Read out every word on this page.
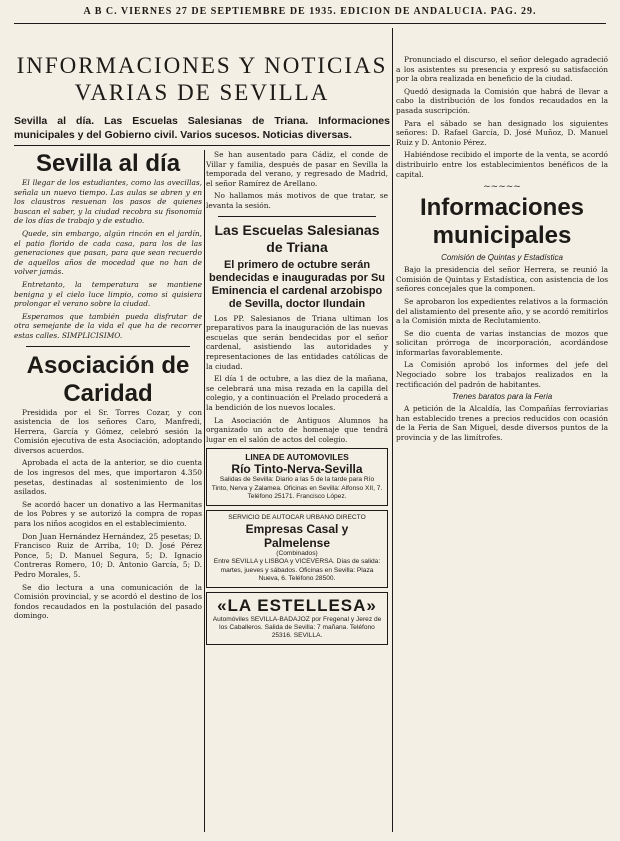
A B C. VIERNES 27 DE SEPTIEMBRE DE 1935. EDICION DE ANDALUCIA. PAG. 29.
INFORMACIONES Y NOTICIAS
VARIAS DE SEVILLA
Sevilla al día. Las Escuelas Salesianas de Triana. Informaciones municipales y del Gobierno civil. Varios sucesos. Noticias diversas.
Sevilla al día

El llegar de los estudiantes, como las avecillas, señala un nuevo tiempo. Las aulas se abren y en los claustros resuenan los pasos de quienes buscan el saber, y la ciudad recobra su fisonomía de los días de trabajo y de estudio.

Quede, sin embargo, algún rincón en el jardín, el patio florido de cada casa, para los de las generaciones que pasan, para que sean recuerdo de aquellos años de mocedad que no han de volver jamás.

Entretanto, la temperatura se mantiene benigna y el cielo luce limpio, como si quisiera prolongar el verano sobre la ciudad.

Esperamos que también pueda disfrutar de otra semejante de la vida el que ha de recorrer estas calles. SIMPLICISIMO.

Asociación de Caridad

Presidida por el Sr. Torres Cozar, y con asistencia de los señores Caro, Manfredi, Herrera, García y Gómez, celebró sesión la Comisión ejecutiva de esta Asociación, adoptando diversos acuerdos.

Aprobada el acta de la anterior, se dio cuenta de los ingresos del mes, que importaron 4.350 pesetas, destinadas al sostenimiento de los asilados.

Se acordó hacer un donativo a las Hermanitas de los Pobres y se autorizó la compra de ropas para los niños acogidos en el establecimiento.

Don Juan Hernández Hernández, 25 pesetas; D. Francisco Ruiz de Arriba, 10; D. José Pérez Ponce, 5; D. Manuel Segura, 5; D. Ignacio Contreras Romero, 10; D. Antonio García, 5; D. Pedro Morales, 5.

Se dio lectura a una comunicación de la Comisión provincial, y se acordó el destino de los fondos recaudados en la postulación del pasado domingo.

Se han ausentado para Cádiz, el conde de Villar y familia, después de pasar en Sevilla la temporada del verano, y regresado de Madrid, el señor Ramírez de Arellano.

No hallamos más motivos de que tratar, se levanta la sesión.

Las Escuelas Salesianas de Triana
El primero de octubre serán bendecidas e inauguradas por Su Eminencia el cardenal arzobispo de Sevilla, doctor Ilundain

Los PP. Salesianos de Triana ultiman los preparativos para la inauguración de las nuevas escuelas que serán bendecidas por el señor cardenal, asistiendo las autoridades y representaciones de las entidades católicas de la ciudad.

El día 1 de octubre, a las diez de la mañana, se celebrará una misa rezada en la capilla del colegio, y a continuación el Prelado procederá a la bendición de los nuevos locales.

La Asociación de Antiguos Alumnos ha organizado un acto de homenaje que tendrá lugar en el salón de actos del colegio.

LINEA DE AUTOMOVILES
Río Tinto-Nerva-Sevilla
Salidas de Sevilla: Diario a las 5 de la tarde para Río Tinto, Nerva y Zalamea. Oficinas en Sevilla: Alfonso XII, 7.
Teléfono 25171. Francisco López.
SERVICIO DE AUTOCAR URBANO DIRECTO
Empresas Casal y Palmelense
(Combinados)
Entre SEVILLA y LISBOA y VICEVERSA. Días de salida: martes, jueves y sábados. Oficinas en Sevilla: Plaza Nueva, 6. Teléfono 28500.
«LA ESTELLESA»
Automóviles SEVILLA-BADAJOZ por Fregenal y Jerez de los Caballeros. Salida de Sevilla: 7 mañana. Teléfono 25316. SEVILLA.

Pronunciado el discurso, el señor delegado agradeció a los asistentes su presencia y expresó su satisfacción por la obra realizada en beneficio de la ciudad.

Quedó designada la Comisión que habrá de llevar a cabo la distribución de los fondos recaudados en la pasada suscripción.

Para el sábado se han designado los siguientes señores: D. Rafael García, D. José Muñoz, D. Manuel Ruiz y D. Antonio Pérez.

Habiéndose recibido el importe de la venta, se acordó distribuirlo entre los establecimientos benéficos de la capital.

~~~~~
Informaciones municipales
Comisión de Quintas y Estadística

Bajo la presidencia del señor Herrera, se reunió la Comisión de Quintas y Estadística, con asistencia de los señores concejales que la componen.

Se aprobaron los expedientes relativos a la formación del alistamiento del presente año, y se acordó remitirlos a la Comisión mixta de Reclutamiento.

Se dio cuenta de varias instancias de mozos que solicitan prórroga de incorporación, acordándose informarlas favorablemente.

La Comisión aprobó los informes del jefe del Negociado sobre los trabajos realizados en la rectificación del padrón de habitantes.

Trenes baratos para la Feria

A petición de la Alcaldía, las Compañías ferroviarias han establecido trenes a precios reducidos con ocasión de la Feria de San Miguel, desde diversos puntos de la provincia y de las limítrofes.
